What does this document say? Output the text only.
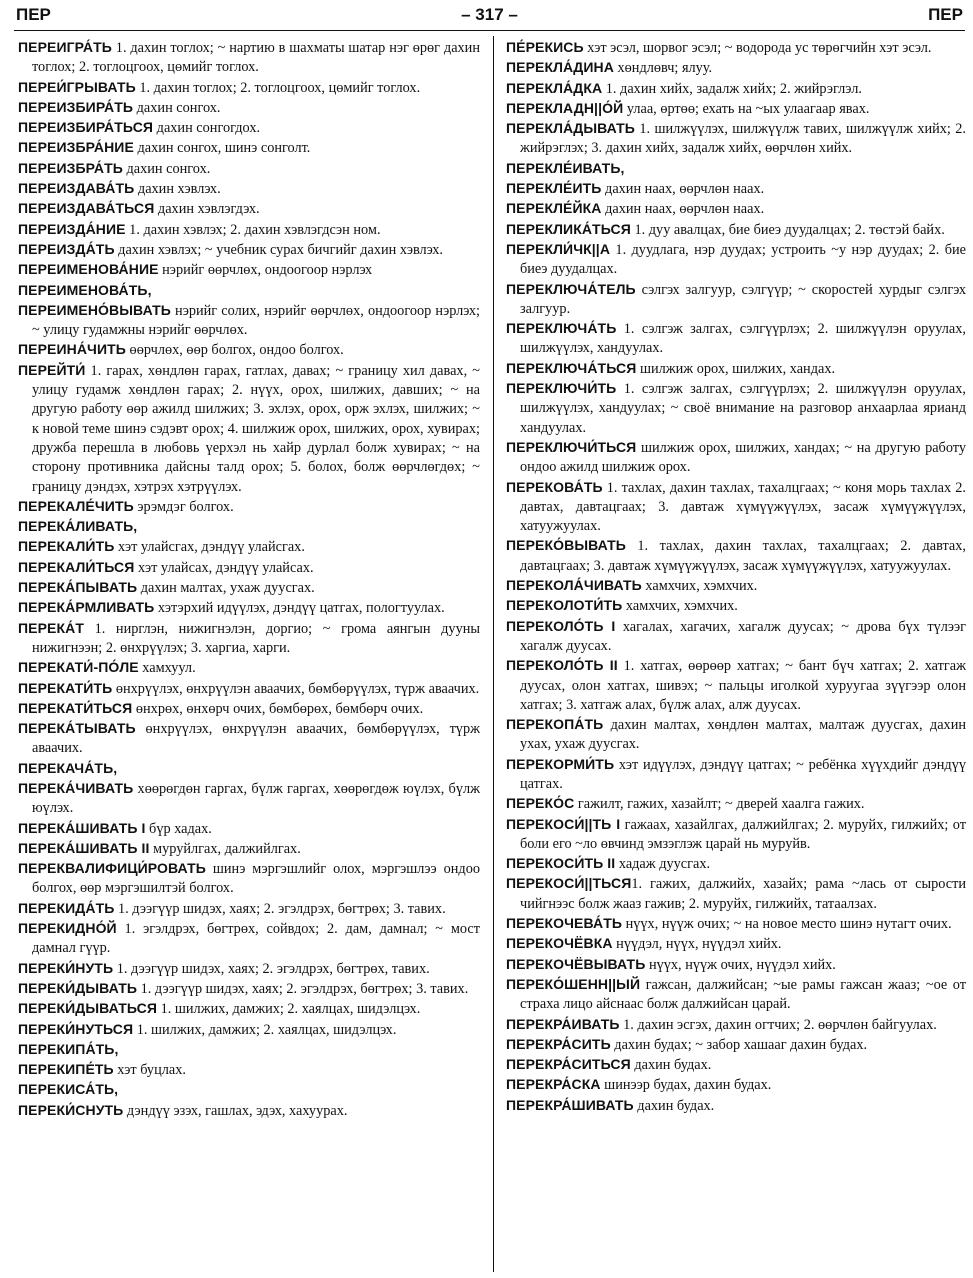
ПЕР	– 317 –	ПЕР

ПЕРЕИГРА́ТЬ 1. дахин тоглох; ~ нартию в шахматы шатар нэг өрөг дахин тоглох; 2. тоглоцгоох, цөмийг тоглох.

ПЕРЕИ́ГРЫВАТЬ 1. дахин тоглох; 2. тоглоцгоох, цөмийг тоглох.

ПЕРЕИЗБИРА́ТЬ дахин сонгох.

ПЕРЕИЗБИРА́ТЬСЯ дахин сонгогдох.

ПЕРЕИЗБРА́НИЕ дахин сонгох, шинэ сонголт.

ПЕРЕИЗБРА́ТЬ дахин сонгох.

ПЕРЕИЗДАВА́ТЬ дахин хэвлэх.

ПЕРЕИЗДАВА́ТЬСЯ дахин хэвлэгдэх.

ПЕРЕИЗДА́НИЕ 1. дахин хэвлэх; 2. дахин хэвлэгдсэн ном.

ПЕРЕИЗДА́ТЬ дахин хэвлэх; ~ учебник сурах бичгийг дахин хэвлэх.

ПЕРЕИМЕНОВА́НИЕ нэрийг өөрчлөх, ондоогоор нэрлэх

ПЕРЕИМЕНОВА́ТЬ,

ПЕРЕИМЕНО́ВЫВАТЬ нэрийг солих, нэрийг өөрчлөх, ондоогоор нэрлэх; ~ улицу гудамжны нэрийг өөрчлөх.

ПЕРЕИНА́ЧИТЬ өөрчлөх, өөр болгох, ондоо болгох.

ПЕРЕЙТИ́ 1. гарах, хөндлөн гарах, гатлах, давах; ~ границу хил давах, ~ улицу гудамж хөндлөн гарах; 2. нүүх, орох, шилжих, давших; ~ на другую работу өөр ажилд шилжих; 3. эхлэх, орох, орж эхлэх, шилжих; ~ к новой теме шинэ сэдэвт орох; 4. шилжиж орох, шилжих, орох, хувирах; дружба перешла в любовь үерхэл нь хайр дурлал болж хувирах; ~ на сторону противника дайсны талд орох; 5. болох, болж өөрчлөгдөх; ~ границу дэндэх, хэтрэх хэтрүүлэх.

ПЕРЕКАЛЕ́ЧИТЬ эрэмдэг болгох.

ПЕРЕКА́ЛИВАТЬ,

ПЕРЕКАЛИ́ТЬ хэт улайсгах, дэндүү улайсгах.

ПЕРЕКАЛИ́ТЬСЯ хэт улайсах, дэндүү улайсах.

ПЕРЕКА́ПЫВАТЬ дахин малтах, ухаж дуусгах.

ПЕРЕКА́РМЛИВАТЬ хэтэрхий идүүлэх, дэндүү цатгах, пологтуулах.

ПЕРЕКА́Т 1. нирглэн, нижигнэлэн, доргио; ~ грома аянгын дууны нижигнээн; 2. өнхрүүлэх; 3. харгиа, харги.

ПЕРЕКАТИ́-ПО́ЛЕ хамхуул.

ПЕРЕКАТИ́ТЬ өнхрүүлэх, өнхрүүлэн аваачих, бөмбөрүүлэх, түрж аваачих.

ПЕРЕКАТИ́ТЬСЯ өнхрөх, өнхөрч очих, бөмбөрөх, бөмбөрч очих.

ПЕРЕКА́ТЫВАТЬ өнхрүүлэх, өнхрүүлэн аваачих, бөмбөрүүлэх, түрж аваачих.

ПЕРЕКАЧА́ТЬ,

ПЕРЕКА́ЧИВАТЬ хөөрөгдөн гаргах, бүлж гаргах, хөөрөгдөж юүлэх, бүлж юүлэх.

ПЕРЕКА́ШИВАТЬ I бүр хадах.

ПЕРЕКА́ШИВАТЬ II муруйлгах, далжийлгах.

ПЕРЕКВАЛИФИЦИ́РОВАТЬ шинэ мэргэшлийг олох, мэргэшлээ ондоо болгох, өөр мэргэшилтэй болгох.

ПЕРЕКИДА́ТЬ 1. дээгүүр шидэх, хаях; 2. эгэлдрэх, бөгтрөх; 3. тавих.

ПЕРЕКИДНО́Й 1. эгэлдрэх, бөгтрөх, сойвдох; 2. дам, дамнал; ~ мост дамнал гүүр.

ПЕРЕКИ́НУТЬ 1. дээгүүр шидэх, хаях; 2. эгэлдрэх, бөгтрөх, тавих.

ПЕРЕКИ́ДЫВАТЬ 1. дээгүүр шидэх, хаях; 2. эгэлдрэх, бөгтрөх; 3. тавих.

ПЕРЕКИ́ДЫВАТЬСЯ 1. шилжих, дамжих; 2. хаялцах, шидэлцэх.

ПЕРЕКИ́НУТЬСЯ 1. шилжих, дамжих; 2. хаялцах, шидэлцэх.

ПЕРЕКИПА́ТЬ,

ПЕРЕКИПЕ́ТЬ хэт буцлах.

ПЕРЕКИСА́ТЬ,

ПЕРЕКИ́СНУТЬ дэндүү эзэх, гашлах, эдэх, хахуурах.

ПЕ́РЕКИСЬ хэт эсэл, шорвог эсэл; ~ водорода ус төрөгчийн хэт эсэл.

ПЕРЕКЛА́ДИНА хөндлөвч; ялуу.

ПЕРЕКЛА́ДКА 1. дахин хийх, задалж хийх; 2. жийрэглэл.

ПЕРЕКЛАДН||О́Й улаа, өртөө; ехать на ~ых улаагаар явах.

ПЕРЕКЛА́ДЫВАТЬ 1. шилжүүлэх, шилжүүлж тавих, шилжүүлж хийх; 2. жийрэглэх; 3. дахин хийх, задалж хийх, өөрчлөн хийх.

ПЕРЕКЛЕ́ИВАТЬ,

ПЕРЕКЛЕ́ИТЬ дахин наах, өөрчлөн наах.

ПЕРЕКЛЕ́ЙКА дахин наах, өөрчлөн наах.

ПЕРЕКЛИКА́ТЬСЯ 1. дуу авалцах, бие биеэ дуудалцах; 2. төстэй байх.

ПЕРЕКЛИ́ЧК||А 1. дуудлага, нэр дуудах; устроить ~у нэр дуудах; 2. бие биеэ дуудалцах.

ПЕРЕКЛЮЧА́ТЕЛЬ сэлгэх залгуур, сэлгүүр; ~ скоростей хурдыг сэлгэх залгуур.

ПЕРЕКЛЮЧА́ТЬ 1. сэлгэж залгах, сэлгүүрлэх; 2. шилжүүлэн оруулах, шилжүүлэх, хандуулах.

ПЕРЕКЛЮЧА́ТЬСЯ шилжиж орох, шилжих, хандах.

ПЕРЕКЛЮЧИ́ТЬ 1. сэлгэж залгах, сэлгүүрлэх; 2. шилжүүлэн оруулах, шилжүүлэх, хандуулах; ~ своё внимание на разговор анхаарлаа ярианд хандуулах.

ПЕРЕКЛЮЧИ́ТЬСЯ шилжиж орох, шилжих, хандах; ~ на другую работу ондоо ажилд шилжиж орох.

ПЕРЕКОВА́ТЬ 1. тахлах, дахин тахлах, тахалцгаах; ~ коня морь тахлах 2. давтах, давтацгаах; 3. давтаж хүмүүжүүлэх, засаж хүмүүжүүлэх, хатуужуулах.

ПЕРЕКО́ВЫВАТЬ 1. тахлах, дахин тахлах, тахалцгаах; 2. давтах, давтацгаах; 3. давтаж хүмүүжүүлэх, засаж хүмүүжүүлэх, хатуужуулах.

ПЕРЕКОЛА́ЧИВАТЬ хамхчих, хэмхчих.

ПЕРЕКОЛОТИ́ТЬ хамхчих, хэмхчих.

ПЕРЕКОЛО́ТЬ I хагалах, хагачих, хагалж дуусах; ~ дрова бүх түлээг хагалж дуусах.

ПЕРЕКОЛО́ТЬ II 1. хатгах, өөрөөр хатгах; ~ бант бүч хатгах; 2. хатгаж дуусах, олон хатгах, шивэх; ~ пальцы иголкой хуруугаа зүүгээр олон хатгах; 3. хатгаж алах, бүлж алах, алж дуусах.

ПЕРЕКОПА́ТЬ дахин малтах, хөндлөн малтах, малтаж дуусгах, дахин ухах, ухаж дуусгах.

ПЕРЕКОРМИ́ТЬ хэт идүүлэх, дэндүү цатгах; ~ ребёнка хүүхдийг дэндүү цатгах.

ПЕРЕКО́С гажилт, гажих, хазайлт; ~ дверей хаалга гажих.

ПЕРЕКОСИ́||ТЬ I гажаах, хазайлгах, далжийлгах; 2. муруйх, гилжийх; от боли его ~ло өвчинд эмзэглэж царай нь муруйв.

ПЕРЕКОСИ́ТЬ II хадаж дуусгах.

ПЕРЕКОСИ́||ТЬСЯ1. гажих, далжийх, хазайх; рама ~лась от сырости чийгнээс болж жааз гажив; 2. муруйх, гилжийх, татаалзах.

ПЕРЕКОЧЕВА́ТЬ нүүх, нүүж очих; ~ на новое место шинэ нутагт очих.

ПЕРЕКОЧЁВКА нүүдэл, нүүх, нүүдэл хийх.

ПЕРЕКОЧЁВЫВАТЬ нүүх, нүүж очих, нүүдэл хийх.

ПЕРЕКО́ШЕНН||ЫЙ гажсан, далжийсан; ~ые рамы гажсан жааз; ~ое от страха лицо айснаас болж далжийсан царай.

ПЕРЕКРА́ИВАТЬ 1. дахин эсгэх, дахин огтчих; 2. өөрчлөн байгуулах.

ПЕРЕКРА́СИТЬ дахин будах; ~ забор хашааг дахин будах.

ПЕРЕКРА́СИТЬСЯ дахин будах.

ПЕРЕКРА́СКА шинээр будах, дахин будах.

ПЕРЕКРА́ШИВАТЬ дахин будах.
